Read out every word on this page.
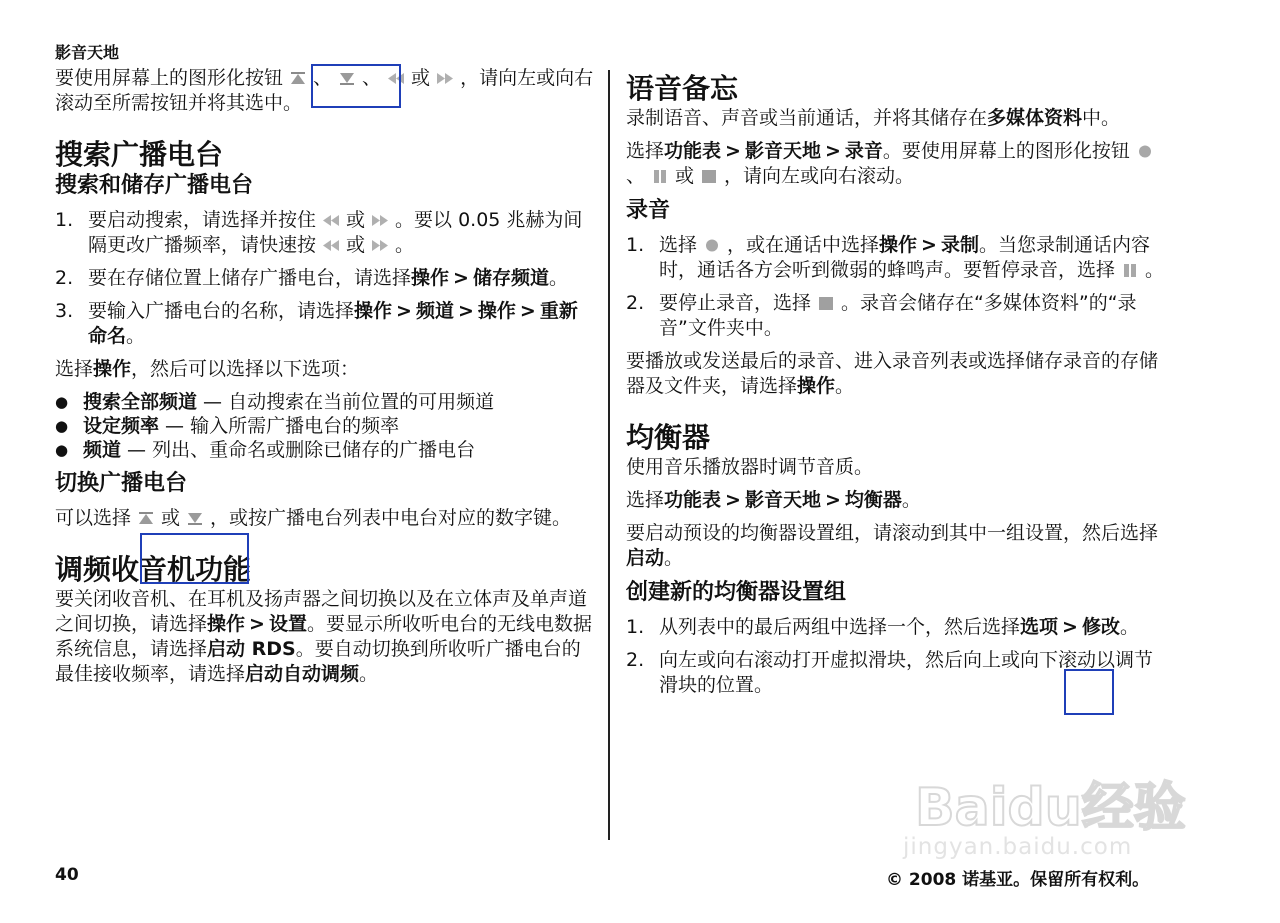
影音天地

要使用屏幕上的图形化按钮 、 、 或 ，请向左或向右滚动至所需按钮并将其选中。

搜索广播电台
搜索和储存广播电台
1. 要启动搜索，请选择并按住 或 。要以 0.05 兆赫为间隔更改广播频率，请快速按 或 。
2. 要在存储位置上储存广播电台，请选择操作 > 储存频道。
3. 要输入广播电台的名称，请选择操作 > 频道 > 操作 > 重新命名。

选择操作，然后可以选择以下选项：

● 搜索全部频道 — 自动搜索在当前位置的可用频道
● 设定频率 — 输入所需广播电台的频率
● 频道 — 列出、重命名或删除已储存的广播电台
切换广播电台

可以选择 或 ，或按广播电台列表中电台对应的数字键。

调频收音机功能

要关闭收音机、在耳机及扬声器之间切换以及在立体声及单声道之间切换，请选择操作 > 设置。要显示所收听电台的无线电数据系统信息，请选择启动 RDS。要自动切换到所收听广播电台的最佳接收频率，请选择启动自动调频。

语音备忘

录制语音、声音或当前通话，并将其储存在多媒体资料中。

选择功能表 > 影音天地 > 录音。要使用屏幕上的图形化按钮
、 或 ，请向左或向右滚动。

录音
1. 选择 ，或在通话中选择操作 > 录制。当您录制通话内容时，通话各方会听到微弱的蜂鸣声。要暂停录音，选择 。
2. 要停止录音，选择 。录音会储存在“多媒体资料”的“录音”文件夹中。

要播放或发送最后的录音、进入录音列表或选择储存录音的存储器及文件夹，请选择操作。

均衡器

使用音乐播放器时调节音质。

选择功能表 > 影音天地 > 均衡器。

要启动预设的均衡器设置组，请滚动到其中一组设置，然后选择启动。

创建新的均衡器设置组
1. 从列表中的最后两组中选择一个，然后选择选项 > 修改。
2. 向左或向右滚动打开虚拟滑块，然后向上或向下滚动以调节滑块的位置。
Baidu经验
jingyan.baidu.com
40	© 2008 诺基亚。保留所有权利。
